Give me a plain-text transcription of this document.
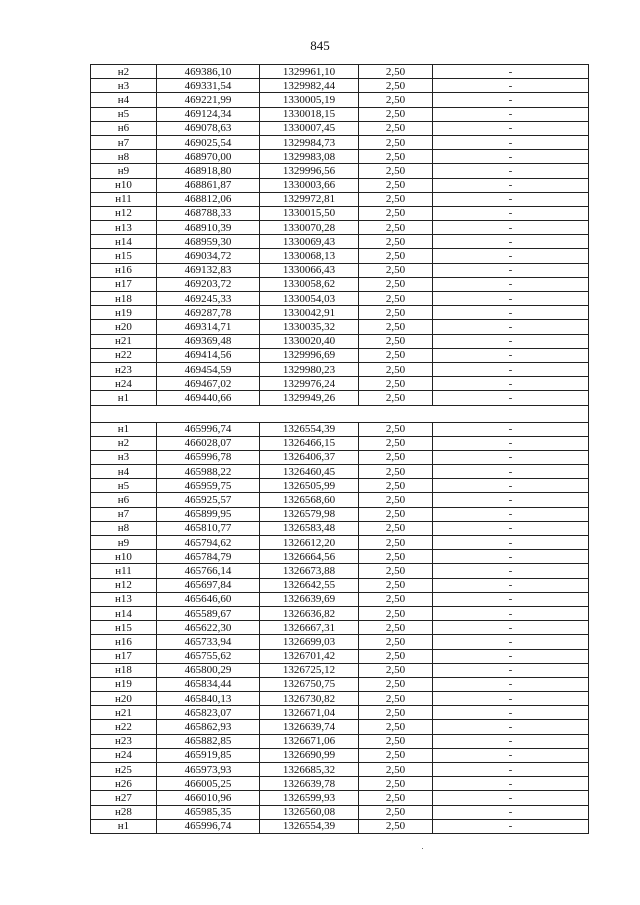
845
н2	469386,10	1329961,10	2,50	-
н3	469331,54	1329982,44	2,50	-
н4	469221,99	1330005,19	2,50	-
н5	469124,34	1330018,15	2,50	-
н6	469078,63	1330007,45	2,50	-
н7	469025,54	1329984,73	2,50	-
н8	468970,00	1329983,08	2,50	-
н9	468918,80	1329996,56	2,50	-
н10	468861,87	1330003,66	2,50	-
н11	468812,06	1329972,81	2,50	-
н12	468788,33	1330015,50	2,50	-
н13	468910,39	1330070,28	2,50	-
н14	468959,30	1330069,43	2,50	-
н15	469034,72	1330068,13	2,50	-
н16	469132,83	1330066,43	2,50	-
н17	469203,72	1330058,62	2,50	-
н18	469245,33	1330054,03	2,50	-
н19	469287,78	1330042,91	2,50	-
н20	469314,71	1330035,32	2,50	-
н21	469369,48	1330020,40	2,50	-
н22	469414,56	1329996,69	2,50	-
н23	469454,59	1329980,23	2,50	-
н24	469467,02	1329976,24	2,50	-
н1	469440,66	1329949,26	2,50	-

н1	465996,74	1326554,39	2,50	-
н2	466028,07	1326466,15	2,50	-
н3	465996,78	1326406,37	2,50	-
н4	465988,22	1326460,45	2,50	-
н5	465959,75	1326505,99	2,50	-
н6	465925,57	1326568,60	2,50	-
н7	465899,95	1326579,98	2,50	-
н8	465810,77	1326583,48	2,50	-
н9	465794,62	1326612,20	2,50	-
н10	465784,79	1326664,56	2,50	-
н11	465766,14	1326673,88	2,50	-
н12	465697,84	1326642,55	2,50	-
н13	465646,60	1326639,69	2,50	-
н14	465589,67	1326636,82	2,50	-
н15	465622,30	1326667,31	2,50	-
н16	465733,94	1326699,03	2,50	-
н17	465755,62	1326701,42	2,50	-
н18	465800,29	1326725,12	2,50	-
н19	465834,44	1326750,75	2,50	-
н20	465840,13	1326730,82	2,50	-
н21	465823,07	1326671,04	2,50	-
н22	465862,93	1326639,74	2,50	-
н23	465882,85	1326671,06	2,50	-
н24	465919,85	1326690,99	2,50	-
н25	465973,93	1326685,32	2,50	-
н26	466005,25	1326639,78	2,50	-
н27	466010,96	1326599,93	2,50	-
н28	465985,35	1326560,08	2,50	-
н1	465996,74	1326554,39	2,50	-
